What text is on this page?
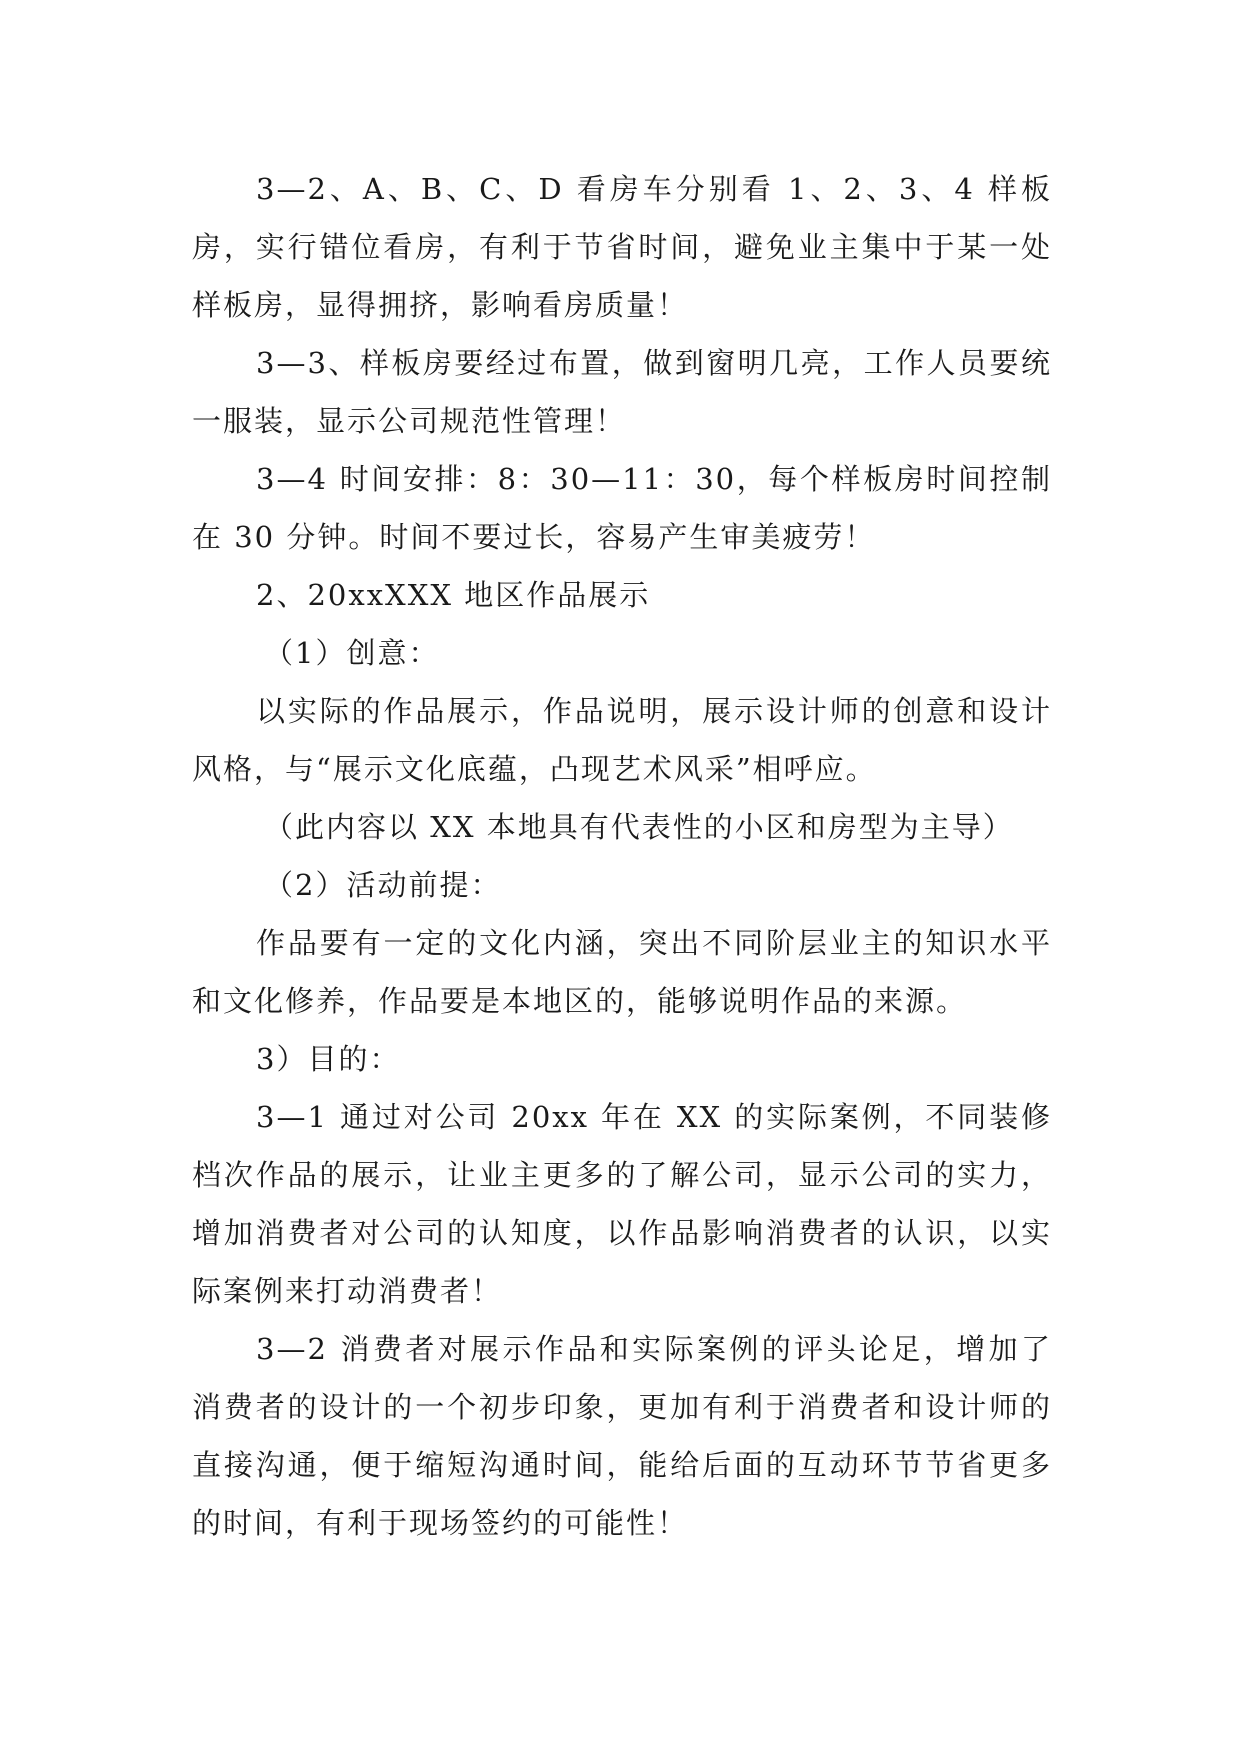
3—2、A、B、C、D 看房车分别看 1、2、3、4 样板房，实行错位看房，有利于节省时间，避免业主集中于某一处样板房，显得拥挤，影响看房质量！

3—3、样板房要经过布置，做到窗明几亮，工作人员要统一服装，显示公司规范性管理！

3—4 时间安排：8：30—11：30，每个样板房时间控制在 30 分钟。时间不要过长，容易产生审美疲劳！

2、20xxXXX 地区作品展示

（1）创意：

以实际的作品展示，作品说明，展示设计师的创意和设计风格，与“展示文化底蕴，凸现艺术风采”相呼应。

（此内容以 XX 本地具有代表性的小区和房型为主导）

（2）活动前提：

作品要有一定的文化内涵，突出不同阶层业主的知识水平和文化修养，作品要是本地区的，能够说明作品的来源。

3）目的：

3—1 通过对公司 20xx 年在 XX 的实际案例，不同装修档次作品的展示，让业主更多的了解公司，显示公司的实力，增加消费者对公司的认知度，以作品影响消费者的认识，以实际案例来打动消费者！

3—2 消费者对展示作品和实际案例的评头论足，增加了消费者的设计的一个初步印象，更加有利于消费者和设计师的直接沟通，便于缩短沟通时间，能给后面的互动环节节省更多的时间，有利于现场签约的可能性！
